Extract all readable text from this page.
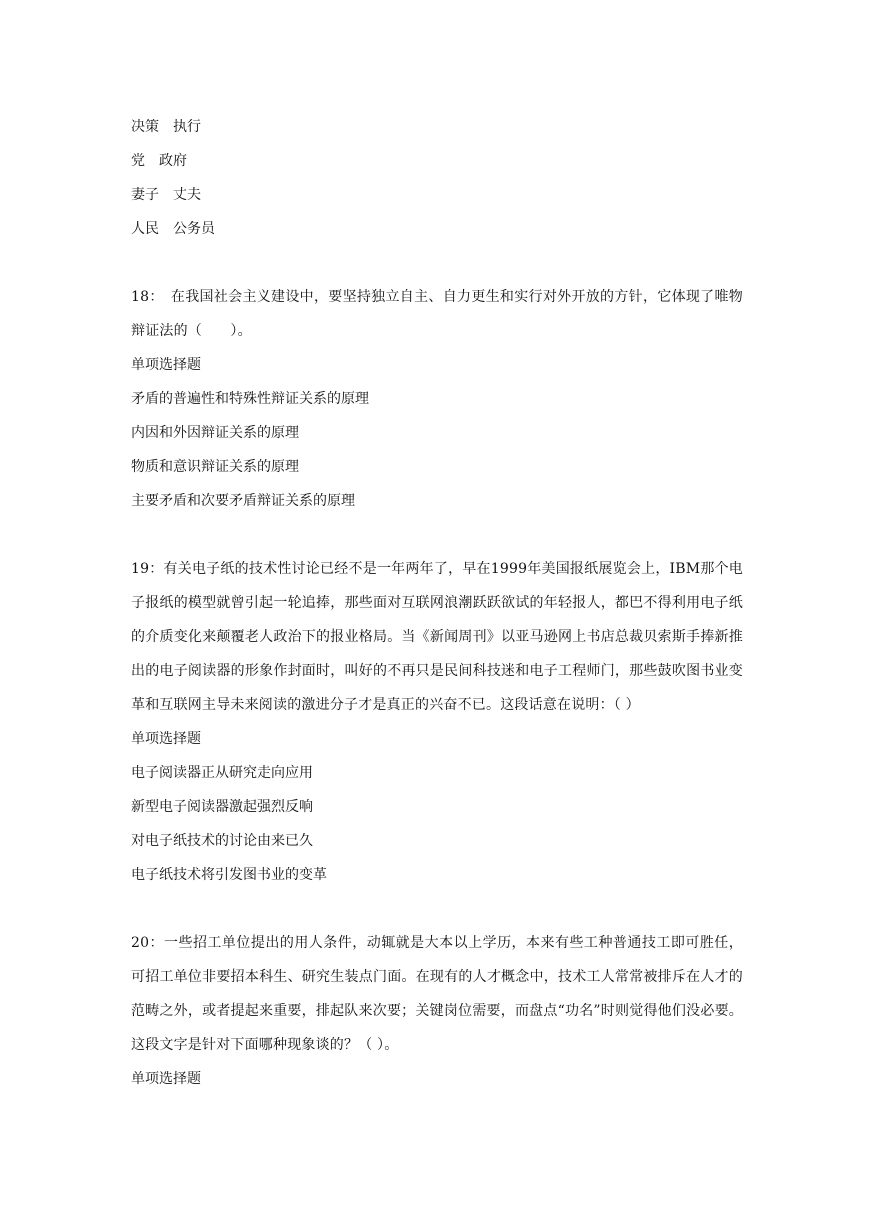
决策　执行

党　政府

妻子　丈夫

人民　公务员

18：　在我国社会主义建设中，要坚持独立自主、自力更生和实行对外开放的方针，它体现了唯物辩证法的（　　）。

单项选择题

矛盾的普遍性和特殊性辩证关系的原理

内因和外因辩证关系的原理

物质和意识辩证关系的原理

主要矛盾和次要矛盾辩证关系的原理

19：有关电子纸的技术性讨论已经不是一年两年了，早在1999年美国报纸展览会上，IBM那个电子报纸的模型就曾引起一轮追捧，那些面对互联网浪潮跃跃欲试的年轻报人，都巴不得利用电子纸的介质变化来颠覆老人政治下的报业格局。当《新闻周刊》以亚马逊网上书店总裁贝索斯手捧新推出的电子阅读器的形象作封面时，叫好的不再只是民间科技迷和电子工程师门，那些鼓吹图书业变革和互联网主导未来阅读的激进分子才是真正的兴奋不已。这段话意在说明：（ ）

单项选择题

电子阅读器正从研究走向应用

新型电子阅读器激起强烈反响

对电子纸技术的讨论由来已久

电子纸技术将引发图书业的变革

20：一些招工单位提出的用人条件，动辄就是大本以上学历，本来有些工种普通技工即可胜任，可招工单位非要招本科生、研究生装点门面。在现有的人才概念中，技术工人常常被排斥在人才的范畴之外，或者提起来重要，排起队来次要；关键岗位需要，而盘点“功名”时则觉得他们没必要。这段文字是针对下面哪种现象谈的？（ ）。

单项选择题
